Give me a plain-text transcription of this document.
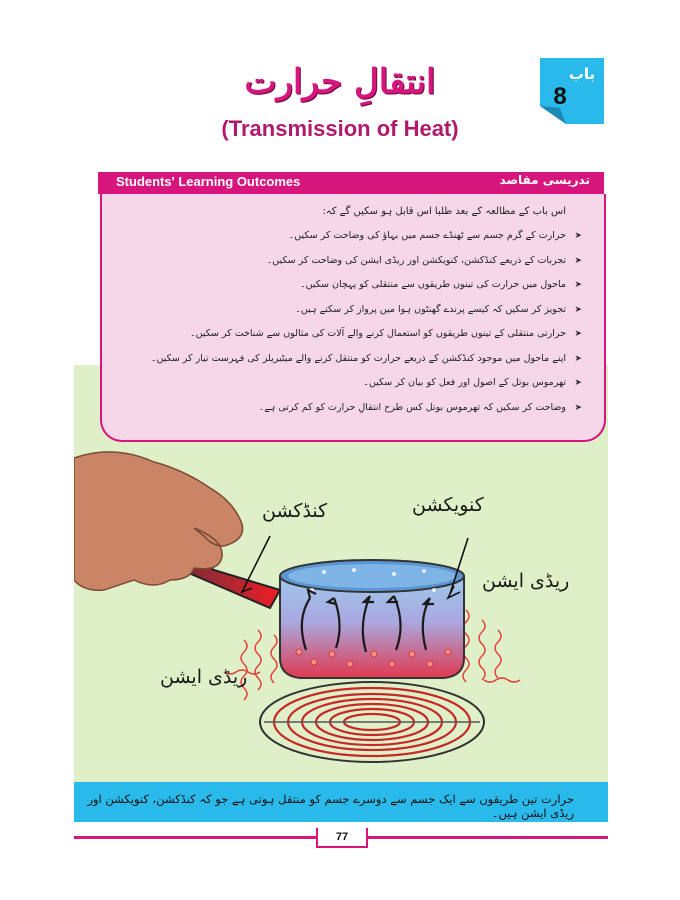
باب
8
انتقالِ حرارت
(Transmission of Heat)
Students' Learning Outcomes	تدریسی مقاصد
اس باب کے مطالعہ کے بعد طلبا اس قابل ہو سکیں گے کہ:
➤حرارت کے گرم جسم سے ٹھنڈے جسم میں بہاؤ کی وضاحت کر سکیں۔
➤تجربات کے ذریعے کنڈکشن، کنویکشن اور ریڈی ایشن کی وضاحت کر سکیں۔
➤ماحول میں حرارت کی تینوں طریقوں سے منتقلی کو پہچان سکیں۔
➤تجویز کر سکیں کہ کیسے پرندے گھنٹوں ہوا میں پرواز کر سکتے ہیں۔
➤حرارتی منتقلی کے تینوں طریقوں کو استعمال کرنے والے آلات کی مثالوں سے شناخت کر سکیں۔
➤اپنے ماحول میں موجود کنڈکشن کے ذریعے حرارت کو منتقل کرنے والے میٹیریلز کی فہرست تیار کر سکیں۔
➤تھرموس بوتل کے اصول اور فعل کو بیان کر سکیں۔
➤وضاحت کر سکیں کہ تھرموس بوتل کس طرح انتقالِ حرارت کو کم کرتی ہے۔
کنڈکشن	کنویکشن
ریڈی ایشن
ریڈی ایشن
حرارت تین طریقوں سے ایک جسم سے دوسرے جسم کو منتقل ہوتی ہے جو کہ کنڈکشن، کنویکشن اور ریڈی ایشن ہیں۔
77
